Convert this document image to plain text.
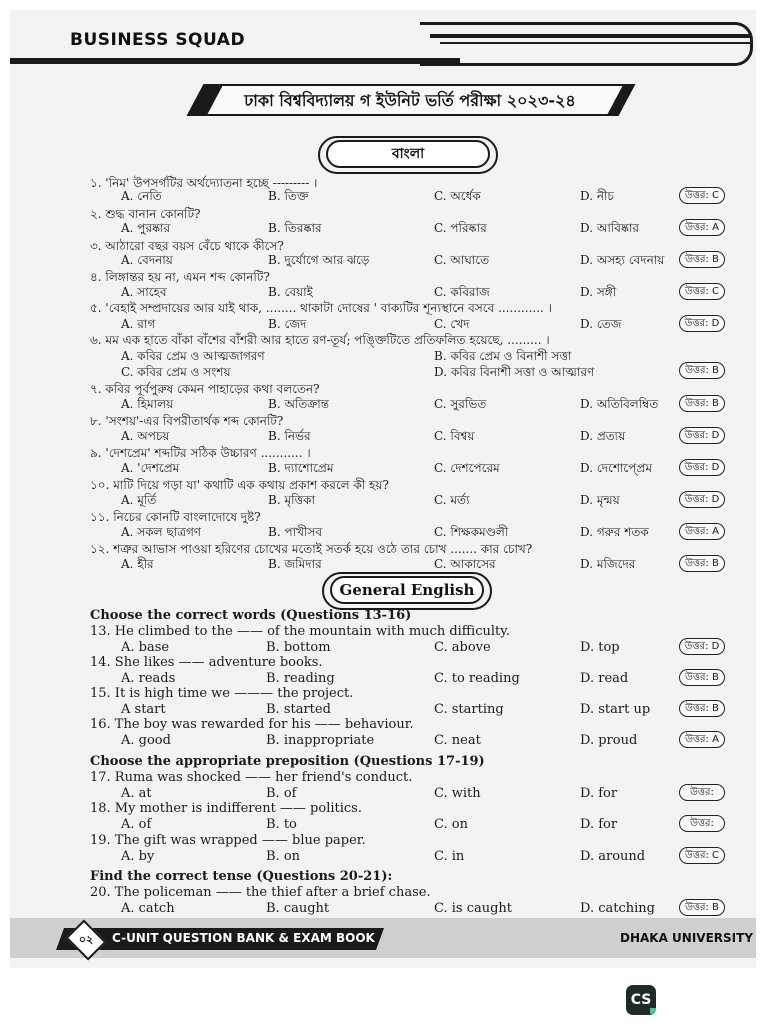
BUSINESS SQUAD
ঢাকা বিশ্ববিদ্যালয় গ ইউনিট ভর্তি পরীক্ষা ২০২৩-২৪
বাংলা
১. 'নিম' উপসর্গটির অর্থদ্যোতনা হচ্ছে --------- ।
A. নেতি	B. তিক্ত	C. অর্ধেক	D. নীচ	উত্তর: C
২. শুদ্ধ বানান কোনটি?
A. পুরষ্কার	B. তিরষ্কার	C. পরিষ্কার	D. আবিষ্কার	উত্তর: A
৩. আঠারো বছর বয়স বেঁচে থাকে কীসে?
A. বেদনায়	B. দুর্যোগে আর ঝড়ে	C. আঘাতে	D. অসহ্য বেদনায়	উত্তর: B
৪. লিঙ্গান্তর হয় না, এমন শব্দ কোনটি?
A. সাহেব	B. বেয়াই	C. কবিরাজ	D. সঙ্গী	উত্তর: C
৫. 'বেহাই সম্প্রদায়ের আর যাই থাক, ........ থাকাটা দোষের ' বাক্যটির শূন্যস্থানে বসবে ............ ।
A. রাগ	B. জেদ	C. খেদ	D. তেজ	উত্তর: D
৬. মম এক হাতে বাঁকা বাঁশের বাঁশরী আর হাতে রণ-তূর্য; পঙ্ক্তিটিতে প্রতিফলিত হয়েছে, ......... ।
A. কবির প্রেম ও আত্মজাগরণ	B. কবির প্রেম ও বিনাশী সত্তা
C. কবির প্রেম ও সংশয়	D. কবির বিনাশী সত্তা ও আত্মারণ	উত্তর: B
৭. কবির পূর্বপুরুষ কেমন পাহাড়ের কথা বলতেন?
A. হিমালয়	B. অতিক্রান্ত	C. সুরভিত	D. অতিবিলম্বিত	উত্তর: B
৮. 'সংশয়'-এর বিপরীতার্থক শব্দ কোনটি?
A. অপচয়	B. নির্ভর	C. বিশ্বয়	D. প্রত্যয়	উত্তর: D
৯. 'দেশপ্রেম' শব্দটির সঠিক উচ্চারণ ........... ।
A. 'দেশপ্রেম	B. দ্যাশোপ্রেম	C. দেশপেরেম	D. দেশোপ্প্রেম	উত্তর: D
১০. মাটি দিয়ে গড়া যা' কথাটি এক কথায় প্রকাশ করলে কী হয়?
A. মূর্তি	B. মৃত্তিকা	C. মর্ত্য	D. মৃন্ময়	উত্তর: D
১১. নিচের কোনটি বাংলাদোষে দুষ্ট?
A. সকল ছাত্রগণ	B. পাখীসব	C. শিক্ষকমণ্ডলী	D. গরুর শতক	উত্তর: A
১২. শত্রুর আভাস পাওয়া হরিণের চোখের মতোই সতর্ক হয়ে ওঠে তার চোখ ....... কার চোখ?
A. হীর	B. জমিদার	C. আকাসের	D. মজিদের	উত্তর: B
General English
Choose the correct words (Questions 13-16)
13. He climbed to the —— of the mountain with much difficulty.
A. base	B. bottom	C. above	D. top	উত্তর: D
14. She likes —— adventure books.
A. reads	B. reading	C. to reading	D. read	উত্তর: B
15. It is high time we ——— the project.
A start	B. started	C. starting	D. start up	উত্তর: B
16. The boy was rewarded for his —— behaviour.
A. good	B. inappropriate	C. neat	D. proud	উত্তর: A
Choose the appropriate preposition (Questions 17-19)
17. Ruma was shocked —— her friend's conduct.
A. at	B. of	C. with	D. for	উত্তর:
18. My mother is indifferent —— politics.
A. of	B. to	C. on	D. for	উত্তর:
19. The gift was wrapped —— blue paper.
A. by	B. on	C. in	D. around	উত্তর: C
Find the correct tense (Questions 20-21):
20. The policeman —— the thief after a brief chase.
A. catch	B. caught	C. is caught	D. catching	উত্তর: B
০২	C-UNIT QUESTION BANK & EXAM BOOK	DHAKA UNIVERSITY
CS
